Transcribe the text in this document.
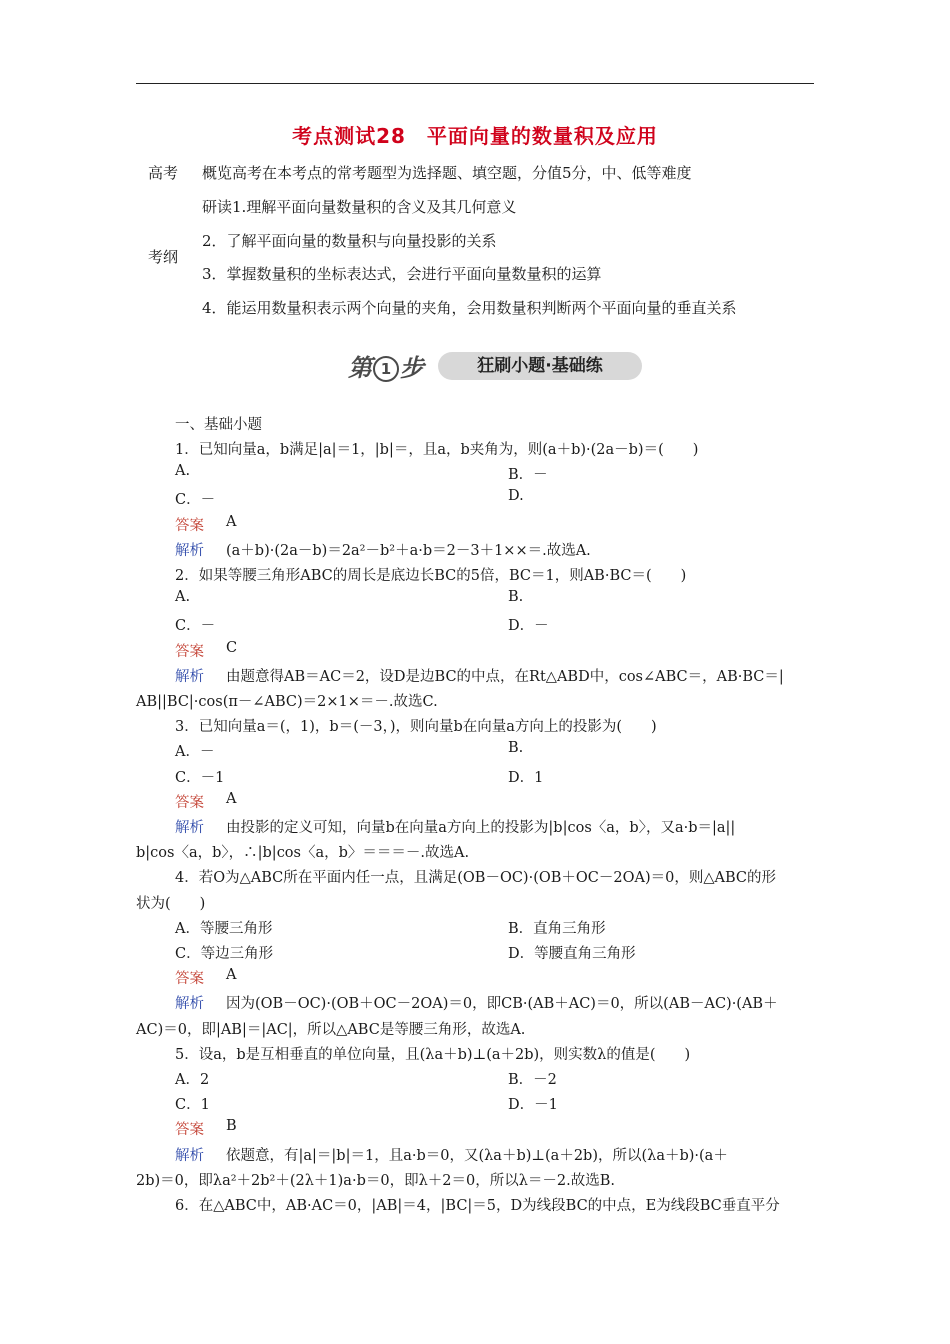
考点测试28　平面向量的数量积及应用
高考
考纲
概览高考在本考点的常考题型为选择题、填空题，分值5分，中、低等难度
研读1.理解平面向量数量积的含义及其几何意义
2．了解平面向量的数量积与向量投影的关系
3．掌握数量积的坐标表达式，会进行平面向量数量积的运算
4．能运用数量积表示两个向量的夹角，会用数量积判断两个平面向量的垂直关系
第 1 步	狂刷小题·基础练
一、基础小题
1．已知向量a，b满足|a|＝1，|b|＝，且a，b夹角为，则(a＋b)·(2a－b)＝(　　)
A.	B．－
C．－	D.
答案 A
解析 (a＋b)·(2a－b)＝2a²－b²＋a·b＝2－3＋1××＝.故选A.
2．如果等腰三角形ABC的周长是底边长BC的5倍，BC＝1，则AB·BC＝(　　)
A.	B.
C．－	D．－
答案 C
解析 由题意得AB＝AC＝2，设D是边BC的中点，在Rt△ABD中，cos∠ABC＝，AB·BC＝|
AB||BC|·cos(π－∠ABC)＝2×1×＝－.故选C.
3．已知向量a＝(，1)，b＝(－3，)，则向量b在向量a方向上的投影为(　　)
A．－	B.
C．－1	D．1
答案 A
解析 由投影的定义可知，向量b在向量a方向上的投影为|b|cos〈a，b〉，又a·b＝|a||
b|cos〈a，b〉，∴|b|cos〈a，b〉＝＝＝－.故选A.
4．若O为△ABC所在平面内任一点，且满足(OB－OC)·(OB＋OC－2OA)＝0，则△ABC的形
状为(　　)
A．等腰三角形	B．直角三角形
C．等边三角形	D．等腰直角三角形
答案 A
解析 因为(OB－OC)·(OB＋OC－2OA)＝0，即CB·(AB＋AC)＝0，所以(AB－AC)·(AB＋
AC)＝0，即|AB|＝|AC|，所以△ABC是等腰三角形，故选A.
5．设a，b是互相垂直的单位向量，且(λa＋b)⊥(a＋2b)，则实数λ的值是(　　)
A．2	B．－2
C．1	D．－1
答案 B
解析 依题意，有|a|＝|b|＝1，且a·b＝0，又(λa＋b)⊥(a＋2b)，所以(λa＋b)·(a＋
2b)＝0，即λa²＋2b²＋(2λ＋1)a·b＝0，即λ＋2＝0，所以λ＝－2.故选B.
6．在△ABC中，AB·AC＝0，|AB|＝4，|BC|＝5，D为线段BC的中点，E为线段BC垂直平分
